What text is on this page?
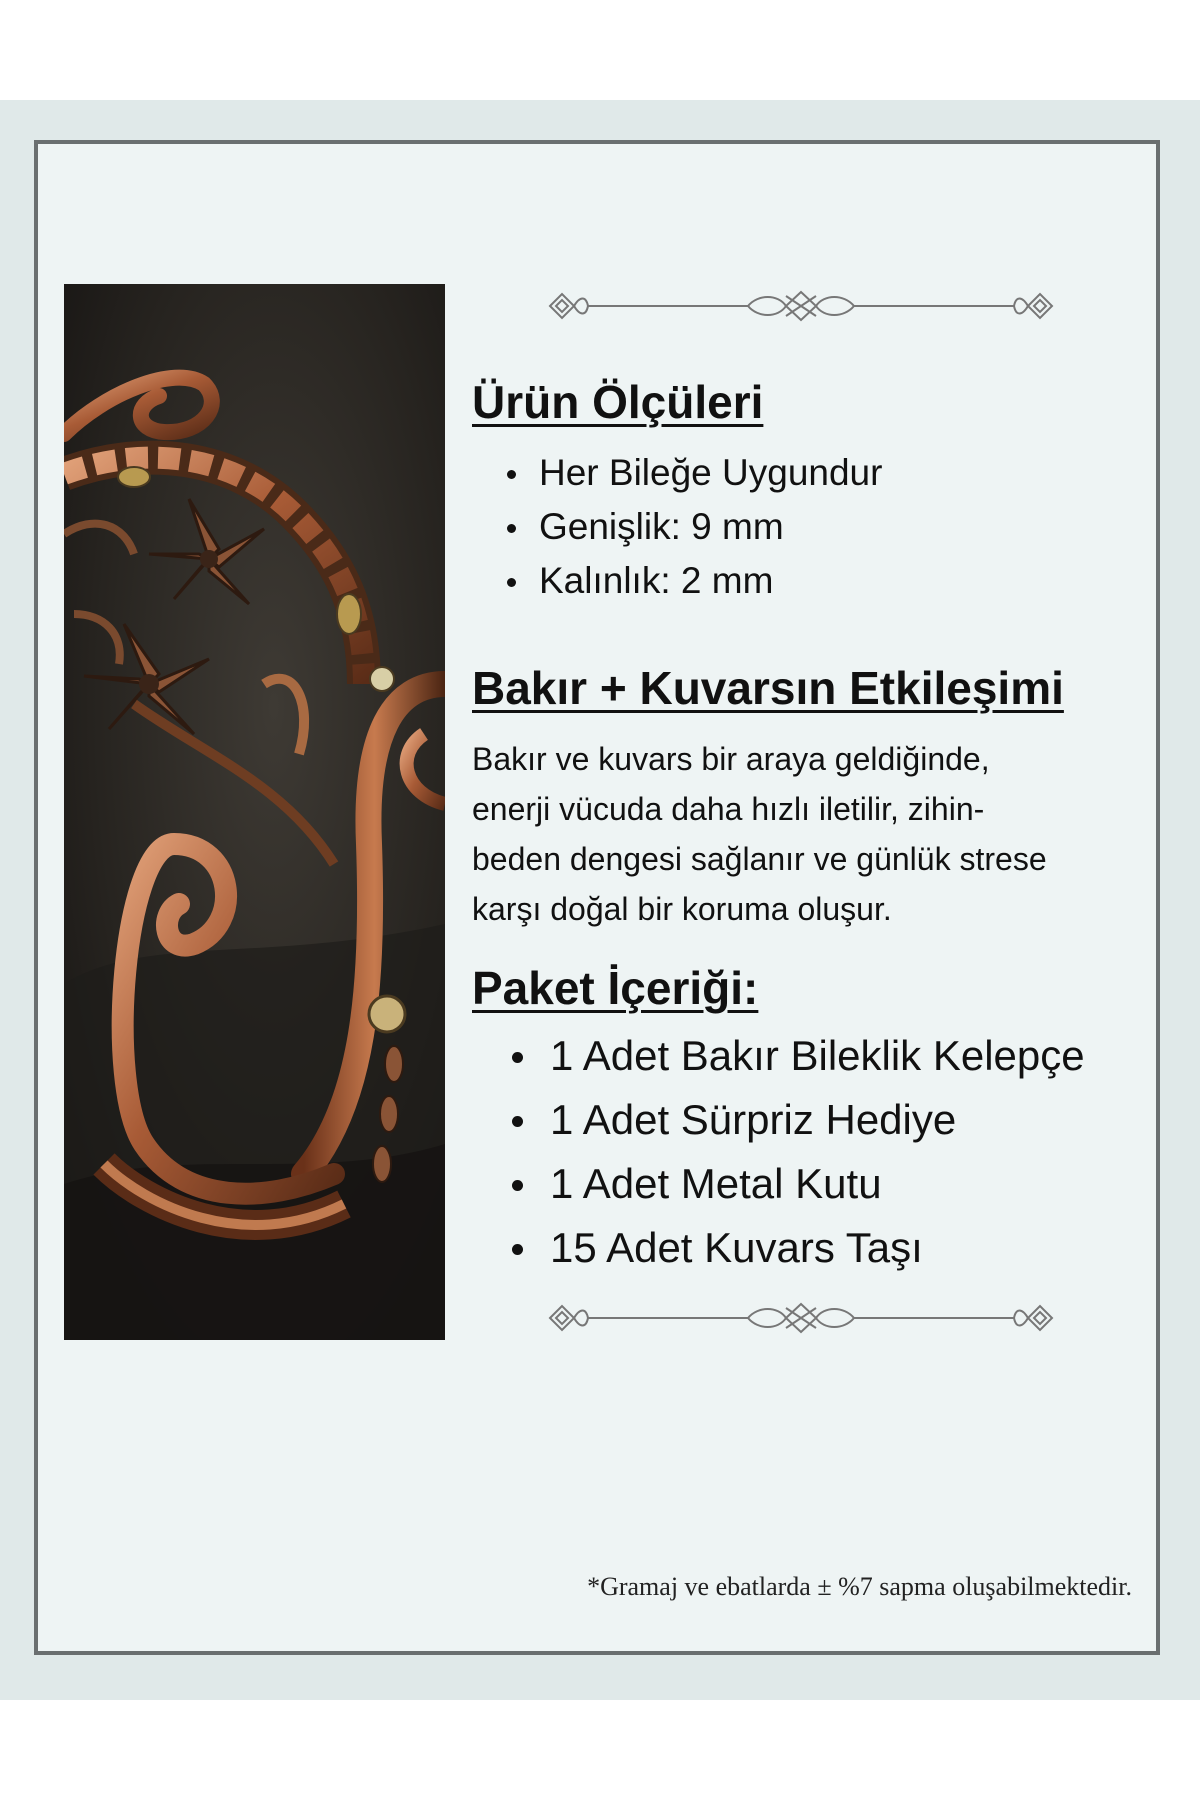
Ürün Ölçüleri
Her Bileğe Uygundur
Genişlik: 9 mm
Kalınlık: 2 mm
Bakır + Kuvarsın Etkileşimi
Bakır ve kuvars bir araya geldiğinde,
enerji vücuda daha hızlı iletilir, zihin-
beden dengesi sağlanır ve günlük strese
karşı doğal bir koruma oluşur.
Paket İçeriği:
1 Adet Bakır Bileklik Kelepçe
1 Adet Sürpriz Hediye
1 Adet Metal Kutu
15 Adet Kuvars Taşı
*Gramaj ve ebatlarda ± %7 sapma oluşabilmektedir.
